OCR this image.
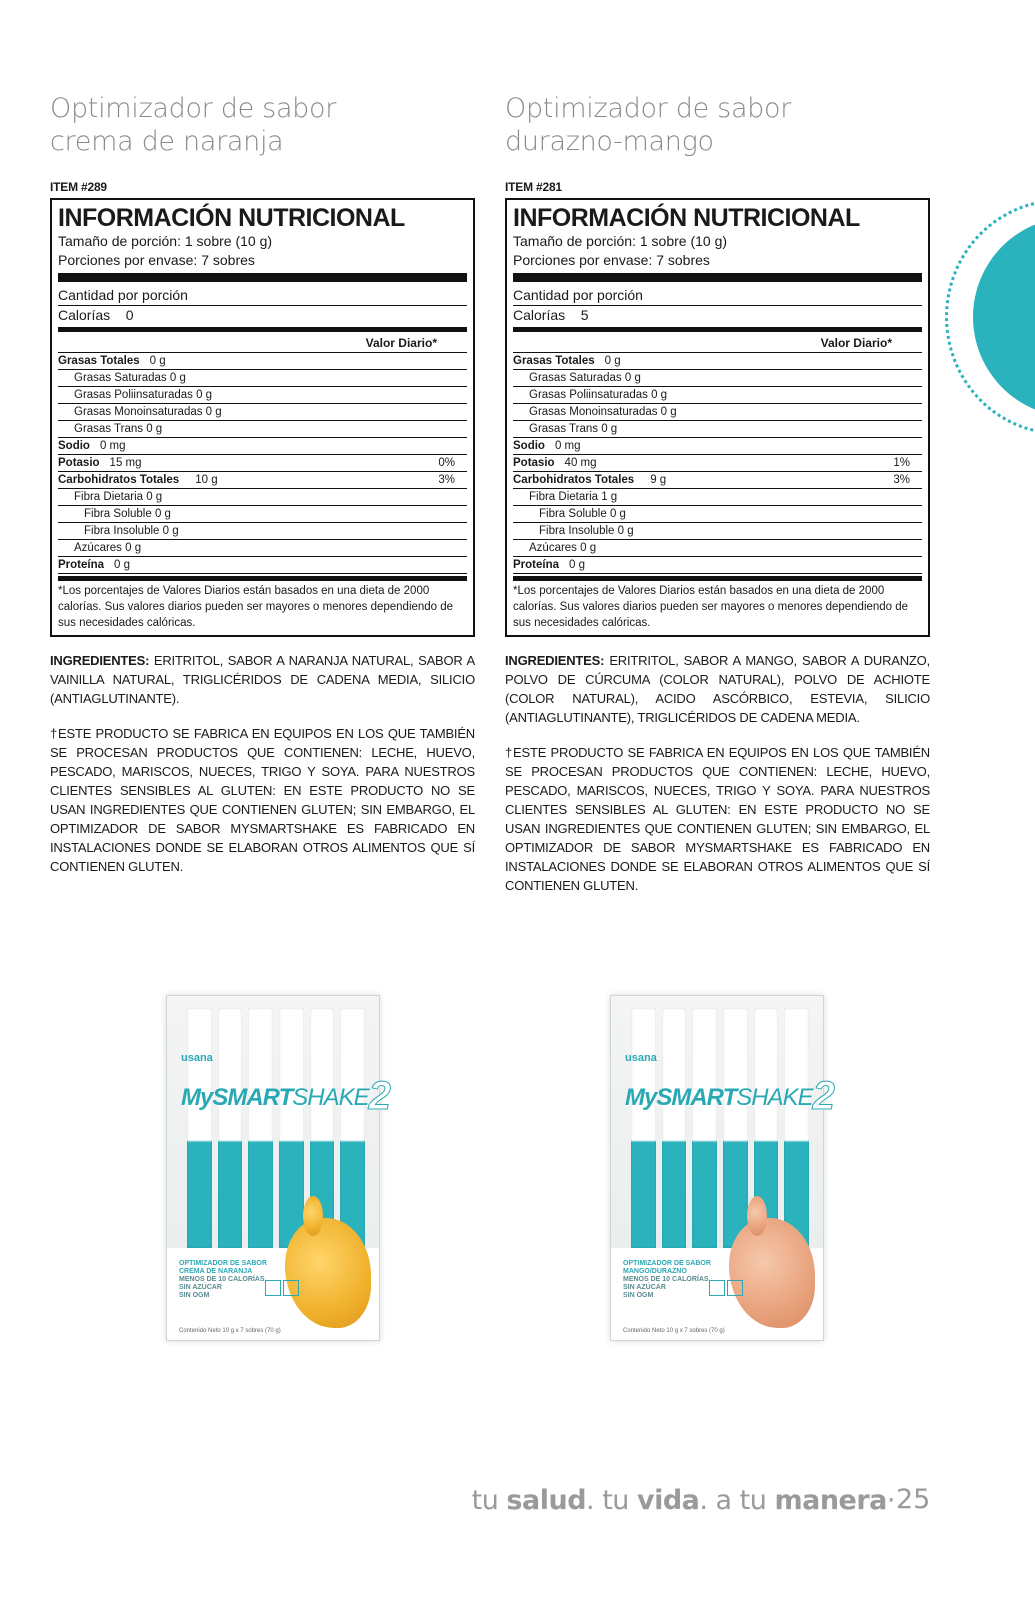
Optimizador de sabor
crema de naranja
ITEM #289
INFORMACIÓN NUTRICIONAL
Tamaño de porción: 1 sobre (10 g)
Porciones por envase: 7 sobres
Cantidad por porción
Calorías 0
Valor Diario*
Grasas Totales 0 g
Grasas Saturadas 0 g
Grasas Poliinsaturadas 0 g
Grasas Monoinsaturadas 0 g
Grasas Trans 0 g
Sodio 0 mg
Potasio 15 mg	0%
Carbohidratos Totales 10 g	3%
Fibra Dietaria 0 g
Fibra Soluble 0 g
Fibra Insoluble 0 g
Azúcares 0 g
Proteína 0 g
*Los porcentajes de Valores Diarios están basados en una dieta de 2000 calorías. Sus valores diarios pueden ser mayores o menores dependiendo de sus necesidades calóricas.
INGREDIENTES: ERITRITOL, SABOR A NARANJA NATURAL, SABOR A VAINILLA NATURAL, TRIGLICÉRIDOS DE CADENA MEDIA, SILICIO (ANTIAGLUTINANTE).
†ESTE PRODUCTO SE FABRICA EN EQUIPOS EN LOS QUE TAMBIÉN SE PROCESAN PRODUCTOS QUE CONTIENEN: LECHE, HUEVO, PESCADO, MARISCOS, NUECES, TRIGO Y SOYA. PARA NUESTROS CLIENTES SENSIBLES AL GLUTEN: EN ESTE PRODUCTO NO SE USAN INGREDIENTES QUE CONTIENEN GLUTEN; SIN EMBARGO, EL OPTIMIZADOR DE SABOR MYSMARTSHAKE ES FABRICADO EN INSTALACIONES DONDE SE ELABORAN OTROS ALIMENTOS QUE SÍ CONTIENEN GLUTEN.
Optimizador de sabor
durazno-mango
ITEM #281
INFORMACIÓN NUTRICIONAL
Tamaño de porción: 1 sobre (10 g)
Porciones por envase: 7 sobres
Cantidad por porción
Calorías 5
Valor Diario*
Grasas Totales 0 g
Grasas Saturadas 0 g
Grasas Poliinsaturadas 0 g
Grasas Monoinsaturadas 0 g
Grasas Trans 0 g
Sodio 0 mg
Potasio 40 mg	1%
Carbohidratos Totales 9 g	3%
Fibra Dietaria 1 g
Fibra Soluble 0 g
Fibra Insoluble 0 g
Azúcares 0 g
Proteína 0 g
*Los porcentajes de Valores Diarios están basados en una dieta de 2000 calorías. Sus valores diarios pueden ser mayores o menores dependiendo de sus necesidades calóricas.
INGREDIENTES: ERITRITOL, SABOR A MANGO, SABOR A DURANZO, POLVO DE CÚRCUMA (COLOR NATURAL), POLVO DE ACHIOTE (COLOR NATURAL), ACIDO ASCÓRBICO, ESTEVIA, SILICIO (ANTIAGLUTINANTE), TRIGLICÉRIDOS DE CADENA MEDIA.
†ESTE PRODUCTO SE FABRICA EN EQUIPOS EN LOS QUE TAMBIÉN SE PROCESAN PRODUCTOS QUE CONTIENEN: LECHE, HUEVO, PESCADO, MARISCOS, NUECES, TRIGO Y SOYA. PARA NUESTROS CLIENTES SENSIBLES AL GLUTEN: EN ESTE PRODUCTO NO SE USAN INGREDIENTES QUE CONTIENEN GLUTEN; SIN EMBARGO, EL OPTIMIZADOR DE SABOR MYSMARTSHAKE ES FABRICADO EN INSTALACIONES DONDE SE ELABORAN OTROS ALIMENTOS QUE SÍ CONTIENEN GLUTEN.
usana
MySMARTSHAKE2
OPTIMIZADOR DE SABOR
CREMA DE NARANJA
MENOS DE 10 CALORÍAS
SIN AZÚCAR
SIN OGM
Contenido Neto 10 g x 7 sobres (70 g)
usana
MySMARTSHAKE2
OPTIMIZADOR DE SABOR
MANGO/DURAZNO
MENOS DE 10 CALORÍAS
SIN AZÚCAR
SIN OGM
Contenido Neto 10 g x 7 sobres (70 g)
tu salud. tu vida. a tu manera· 25
